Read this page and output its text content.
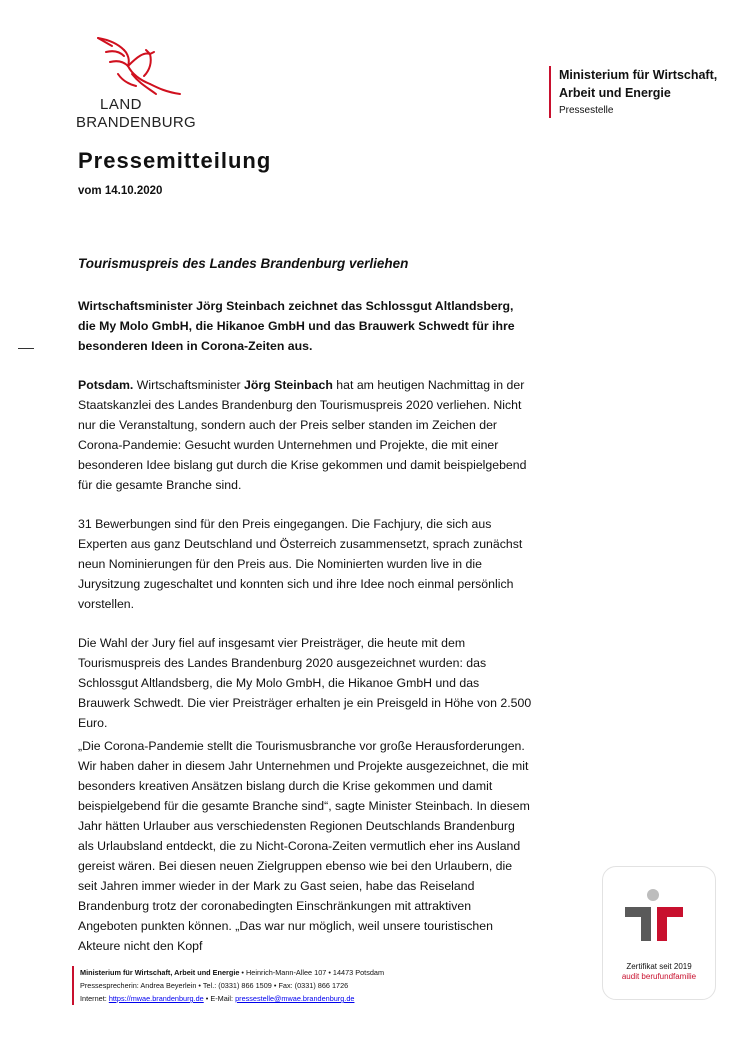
LAND
BRANDENBURG
Ministerium für Wirtschaft,
Arbeit und Energie
Pressestelle
Pressemitteilung
vom 14.10.2020
Tourismuspreis des Landes Brandenburg verliehen
Wirtschaftsminister Jörg Steinbach zeichnet das Schlossgut Altlandsberg, die My Molo GmbH, die Hikanoe GmbH und das Brauwerk Schwedt für ihre besonderen Ideen in Corona-Zeiten aus.
Potsdam. Wirtschaftsminister Jörg Steinbach hat am heutigen Nachmittag in der Staatskanzlei des Landes Brandenburg den Tourismuspreis 2020 verliehen. Nicht nur die Veranstaltung, sondern auch der Preis selber standen im Zeichen der Corona-Pandemie: Gesucht wurden Unternehmen und Projekte, die mit einer besonderen Idee bislang gut durch die Krise gekommen und damit beispielgebend für die gesamte Branche sind.
31 Bewerbungen sind für den Preis eingegangen. Die Fachjury, die sich aus Experten aus ganz Deutschland und Österreich zusammensetzt, sprach zunächst neun Nominierungen für den Preis aus. Die Nominierten wurden live in die Jurysitzung zugeschaltet und konnten sich und ihre Idee noch einmal persönlich vorstellen.
Die Wahl der Jury fiel auf insgesamt vier Preisträger, die heute mit dem Tourismuspreis des Landes Brandenburg 2020 ausgezeichnet wurden: das Schlossgut Altlandsberg, die My Molo GmbH, die Hikanoe GmbH und das Brauwerk Schwedt. Die vier Preisträger erhalten je ein Preisgeld in Höhe von 2.500 Euro.
„Die Corona-Pandemie stellt die Tourismusbranche vor große Herausforderungen. Wir haben daher in diesem Jahr Unternehmen und Projekte ausgezeichnet, die mit besonders kreativen Ansätzen bislang durch die Krise gekommen und damit beispielgebend für die gesamte Branche sind“, sagte Minister Steinbach. In diesem Jahr hätten Urlauber aus verschiedensten Regionen Deutschlands Brandenburg als Urlaubsland entdeckt, die zu Nicht-Corona-Zeiten vermutlich eher ins Ausland gereist wären. Bei diesen neuen Zielgruppen ebenso wie bei den Urlaubern, die seit Jahren immer wieder in der Mark zu Gast seien, habe das Reiseland Brandenburg trotz der coronabedingten Einschränkungen mit attraktiven Angeboten punkten können. „Das war nur möglich, weil unsere touristischen Akteure nicht den Kopf
Ministerium für Wirtschaft, Arbeit und Energie • Heinrich-Mann-Allee 107 • 14473 Potsdam
Pressesprecherin: Andrea Beyerlein • Tel.: (0331) 866 1509 • Fax: (0331) 866 1726
Internet: https://mwae.brandenburg.de • E-Mail: pressestelle@mwae.brandenburg.de
Zertifikat seit 2019
audit berufundfamilie
